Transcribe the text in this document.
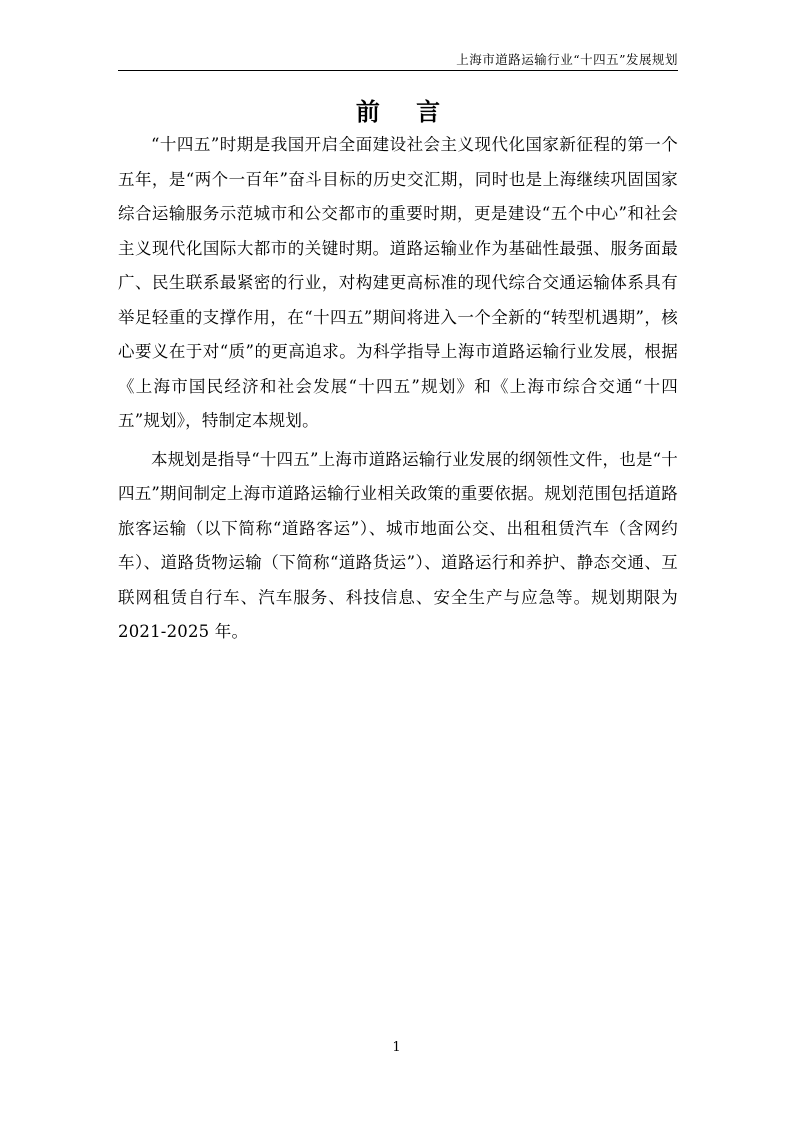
上海市道路运输行业“十四五”发展规划
前 言

“十四五”时期是我国开启全面建设社会主义现代化国家新征程的第一个五年，是“两个一百年”奋斗目标的历史交汇期，同时也是上海继续巩固国家综合运输服务示范城市和公交都市的重要时期，更是建设“五个中心”和社会主义现代化国际大都市的关键时期。道路运输业作为基础性最强、服务面最广、民生联系最紧密的行业，对构建更高标准的现代综合交通运输体系具有举足轻重的支撑作用，在“十四五”期间将进入一个全新的“转型机遇期”，核心要义在于对“质”的更高追求。为科学指导上海市道路运输行业发展，根据《上海市国民经济和社会发展“十四五”规划》和《上海市综合交通“十四五”规划》，特制定本规划。

本规划是指导“十四五”上海市道路运输行业发展的纲领性文件，也是“十四五”期间制定上海市道路运输行业相关政策的重要依据。规划范围包括道路旅客运输（以下简称“道路客运”）、城市地面公交、出租租赁汽车（含网约车）、道路货物运输（下简称“道路货运”）、道路运行和养护、静态交通、互联网租赁自行车、汽车服务、科技信息、安全生产与应急等。规划期限为 2021-2025 年。

1
